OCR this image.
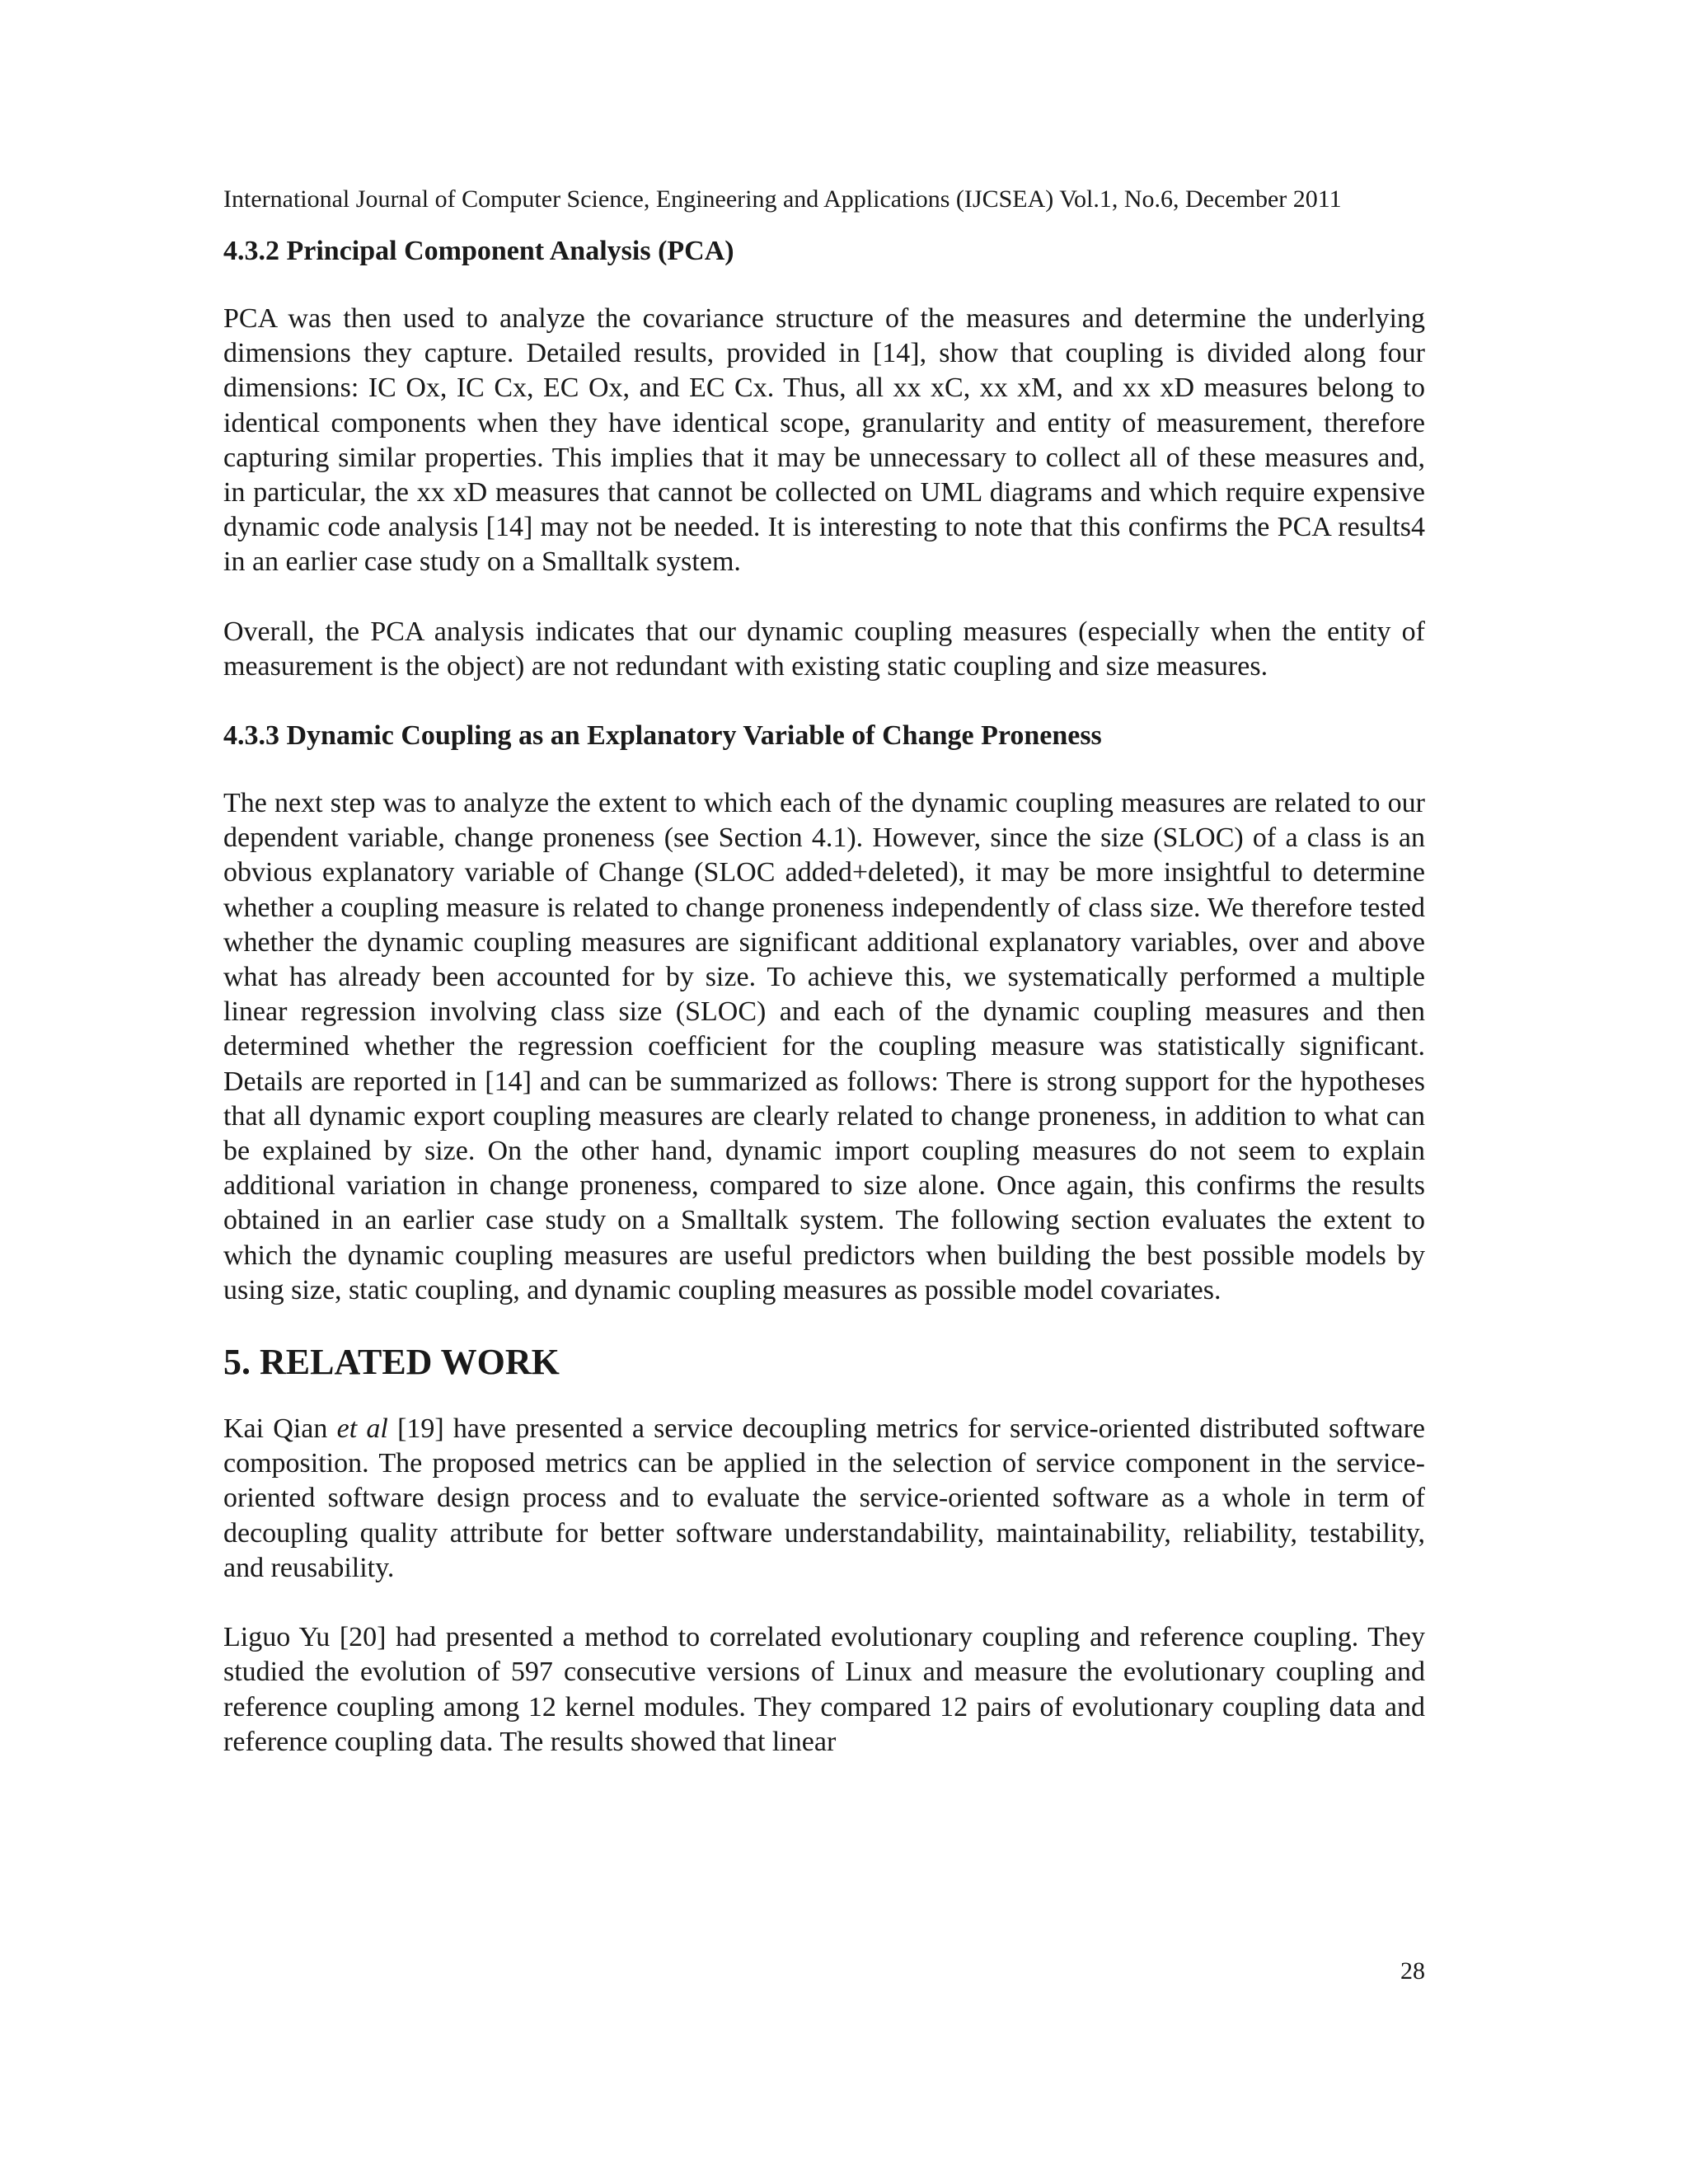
International Journal of Computer Science, Engineering and Applications (IJCSEA) Vol.1, No.6, December 2011
4.3.2 Principal Component Analysis (PCA)

PCA was then used to analyze the covariance structure of the measures and determine the underlying dimensions they capture. Detailed results, provided in [14], show that coupling is divided along four dimensions: IC Ox, IC Cx, EC Ox, and EC Cx. Thus, all xx xC, xx xM, and xx xD measures belong to identical components when they have identical scope, granularity and entity of measurement, therefore capturing similar properties. This implies that it may be unnecessary to collect all of these measures and, in particular, the xx xD measures that cannot be collected on UML diagrams and which require expensive dynamic code analysis [14] may not be needed. It is interesting to note that this confirms the PCA results4 in an earlier case study on a Smalltalk system.

Overall, the PCA analysis indicates that our dynamic coupling measures (especially when the entity of measurement is the object) are not redundant with existing static coupling and size measures.

4.3.3 Dynamic Coupling as an Explanatory Variable of Change Proneness

The next step was to analyze the extent to which each of the dynamic coupling measures are related to our dependent variable, change proneness (see Section 4.1). However, since the size (SLOC) of a class is an obvious explanatory variable of Change (SLOC added+deleted), it may be more insightful to determine whether a coupling measure is related to change proneness independently of class size. We therefore tested whether the dynamic coupling measures are significant additional explanatory variables, over and above what has already been accounted for by size. To achieve this, we systematically performed a multiple linear regression involving class size (SLOC) and each of the dynamic coupling measures and then determined whether the regression coefficient for the coupling measure was statistically significant. Details are reported in [14] and can be summarized as follows: There is strong support for the hypotheses that all dynamic export coupling measures are clearly related to change proneness, in addition to what can be explained by size. On the other hand, dynamic import coupling measures do not seem to explain additional variation in change proneness, compared to size alone. Once again, this confirms the results obtained in an earlier case study on a Smalltalk system. The following section evaluates the extent to which the dynamic coupling measures are useful predictors when building the best possible models by using size, static coupling, and dynamic coupling measures as possible model covariates.

5. RELATED WORK

Kai Qian et al [19] have presented a service decoupling metrics for service-oriented distributed software composition. The proposed metrics can be applied in the selection of service component in the service-oriented software design process and to evaluate the service-oriented software as a whole in term of decoupling quality attribute for better software understandability, maintainability, reliability, testability, and reusability.

Liguo Yu [20] had presented a method to correlated evolutionary coupling and reference coupling. They studied the evolution of 597 consecutive versions of Linux and measure the evolutionary coupling and reference coupling among 12 kernel modules. They compared 12 pairs of evolutionary coupling data and reference coupling data. The results showed that linear

28
